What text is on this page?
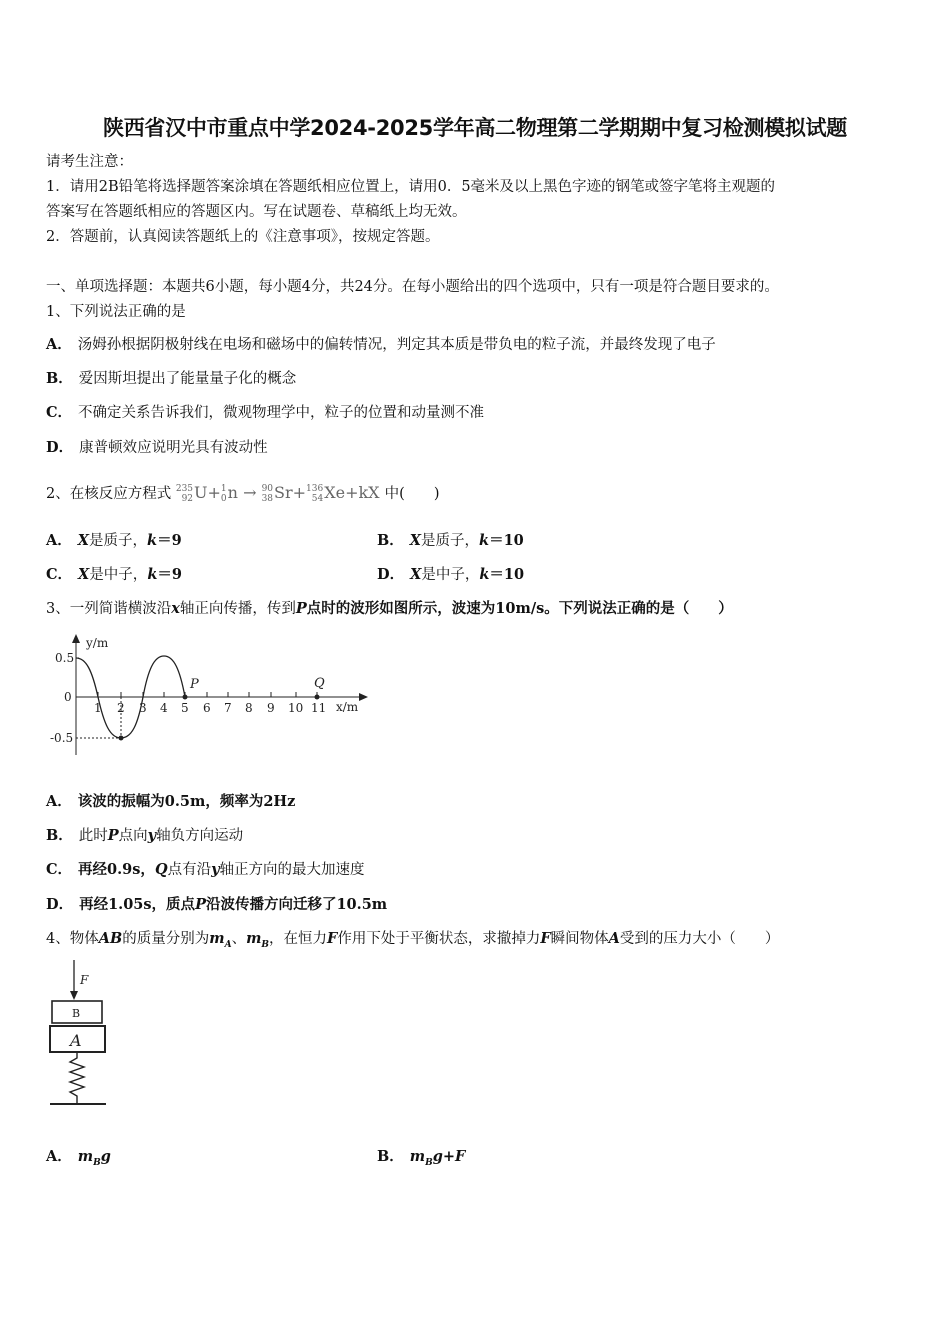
陕西省汉中市重点中学2024-2025学年高二物理第二学期期中复习检测模拟试题
请考生注意：
1．请用2B铅笔将选择题答案涂填在答题纸相应位置上，请用0．5毫米及以上黑色字迹的钢笔或签字笔将主观题的
答案写在答题纸相应的答题区内。写在试题卷、草稿纸上均无效。
2．答题前，认真阅读答题纸上的《注意事项》，按规定答题。
一、单项选择题：本题共6小题，每小题4分，共24分。在每小题给出的四个选项中，只有一项是符合题目要求的。
1、下列说法正确的是
A． 汤姆孙根据阴极射线在电场和磁场中的偏转情况，判定其本质是带负电的粒子流，并最终发现了电子
B． 爱因斯坦提出了能量量子化的概念
C． 不确定关系告诉我们，微观物理学中，粒子的位置和动量测不准
D． 康普顿效应说明光具有波动性
2、在核反应方程式 235
92U+1
0n → 90
38Sr+136
54Xe+kX 中(　　)
A． X是质子，k＝9	B． X是质子，k＝10
C． X是中子，k＝9	D． X是中子，k＝10
3、一列简谐横波沿x轴正向传播，传到P点时的波形如图所示，波速为10m/s。下列说法正确的是（　　）
y/m
x/m
0.5
0
-0.5
1 2 3 4 5 6 7 8 9 10 11
P	Q
A． 该波的振幅为0.5m，频率为2Hz
B． 此时P点向y轴负方向运动
C． 再经0.9s，Q点有沿y轴正方向的最大加速度
D． 再经1.05s，质点P沿波传播方向迁移了10.5m
4、物体AB的质量分别为$m_A$、$m_B$，在恒力F作用下处于平衡状态，求撤掉力F瞬间物体A受到的压力大小（　　）
F
B
A
A． $m_Bg$	B． $m_Bg+F$
